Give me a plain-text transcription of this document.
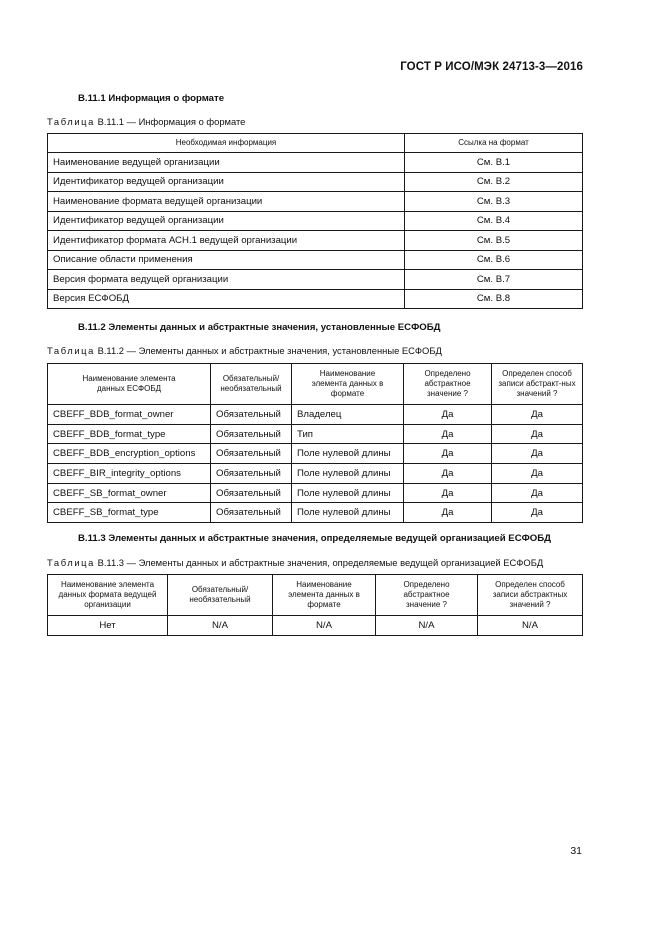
ГОСТ Р ИСО/МЭК 24713-3—2016
B.11.1 Информация о формате
Таблица B.11.1 — Информация о формате
Необходимая информация	Ссылка на формат
Наименование ведущей организации	См. B.1
Идентификатор ведущей организации	См. B.2
Наименование формата ведущей организации	См. B.3
Идентификатор ведущей организации	См. B.4
Идентификатор формата АСН.1 ведущей организации	См. B.5
Описание области применения	См. B.6
Версия формата ведущей организации	См. B.7
Версия ЕСФОБД	См. B.8
B.11.2 Элементы данных и абстрактные значения, установленные ЕСФОБД
Таблица B.11.2 — Элементы данных и абстрактные значения, установленные ЕСФОБД
Наименование элемента данных ЕСФОБД	Обязательный/ необязательный	Наименование элемента данных в формате	Определено абстрактное значение ?	Определен способ записи абстракт-ных значений ?
CBEFF_BDB_format_owner	Обязательный	Владелец	Да	Да
CBEFF_BDB_format_type	Обязательный	Тип	Да	Да
CBEFF_BDB_encryption_options	Обязательный	Поле нулевой длины	Да	Да
CBEFF_BIR_integrity_options	Обязательный	Поле нулевой длины	Да	Да
CBEFF_SB_format_owner	Обязательный	Поле нулевой длины	Да	Да
CBEFF_SB_format_type	Обязательный	Поле нулевой длины	Да	Да
B.11.3 Элементы данных и абстрактные значения, определяемые ведущей организацией ЕСФОБД
Таблица B.11.3 — Элементы данных и абстрактные значения, определяемые ведущей организацией ЕСФОБД
Наименование элемента данных формата ведущей организации	Обязательный/ необязательный	Наименование элемента данных в формате	Определено абстрактное значение ?	Определен способ записи абстрактных значений ?
Нет	N/A	N/A	N/A	N/A
31
